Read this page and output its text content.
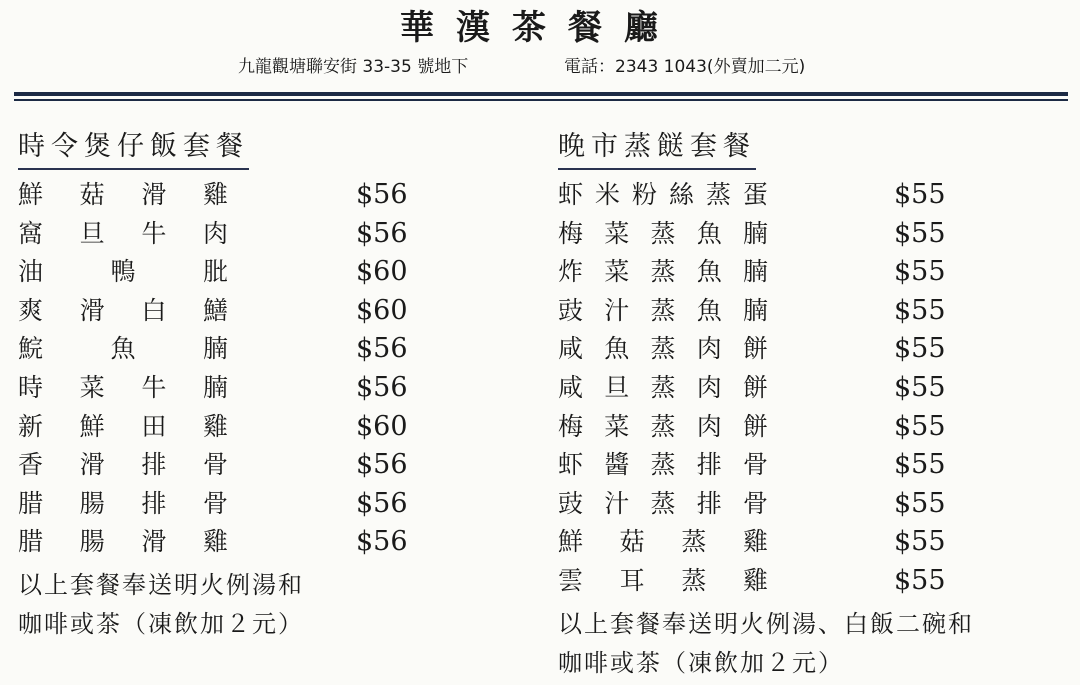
華漢茶餐廳
九龍觀塘聯安街 33-35 號地下	電話：2343 1043(外賣加二元)
時令煲仔飯套餐
鮮 菇 滑 雞	$56
窩 旦 牛 肉	$56
油	鴨	肶	$60
爽 滑 白 鱔	$60
鯇	魚	腩	$56
時 菜 牛 腩	$56
新 鮮 田 雞	$60
香 滑 排 骨	$56
腊 腸 排 骨	$56
腊 腸 滑 雞	$56
以上套餐奉送明火例湯和
咖啡或茶（凍飲加２元）
晚市蒸餸套餐
虾 米 粉 絲 蒸 蛋	$55
梅 菜 蒸 魚 腩	$55
炸 菜 蒸 魚 腩	$55
豉 汁 蒸 魚 腩	$55
咸 魚 蒸 肉 餅	$55
咸 旦 蒸 肉 餅	$55
梅 菜 蒸 肉 餅	$55
虾 醬 蒸 排 骨	$55
豉 汁 蒸 排 骨	$55
鮮 菇 蒸 雞	$55
雲 耳 蒸 雞	$55
以上套餐奉送明火例湯、白飯二碗和
咖啡或茶（凍飲加２元）
